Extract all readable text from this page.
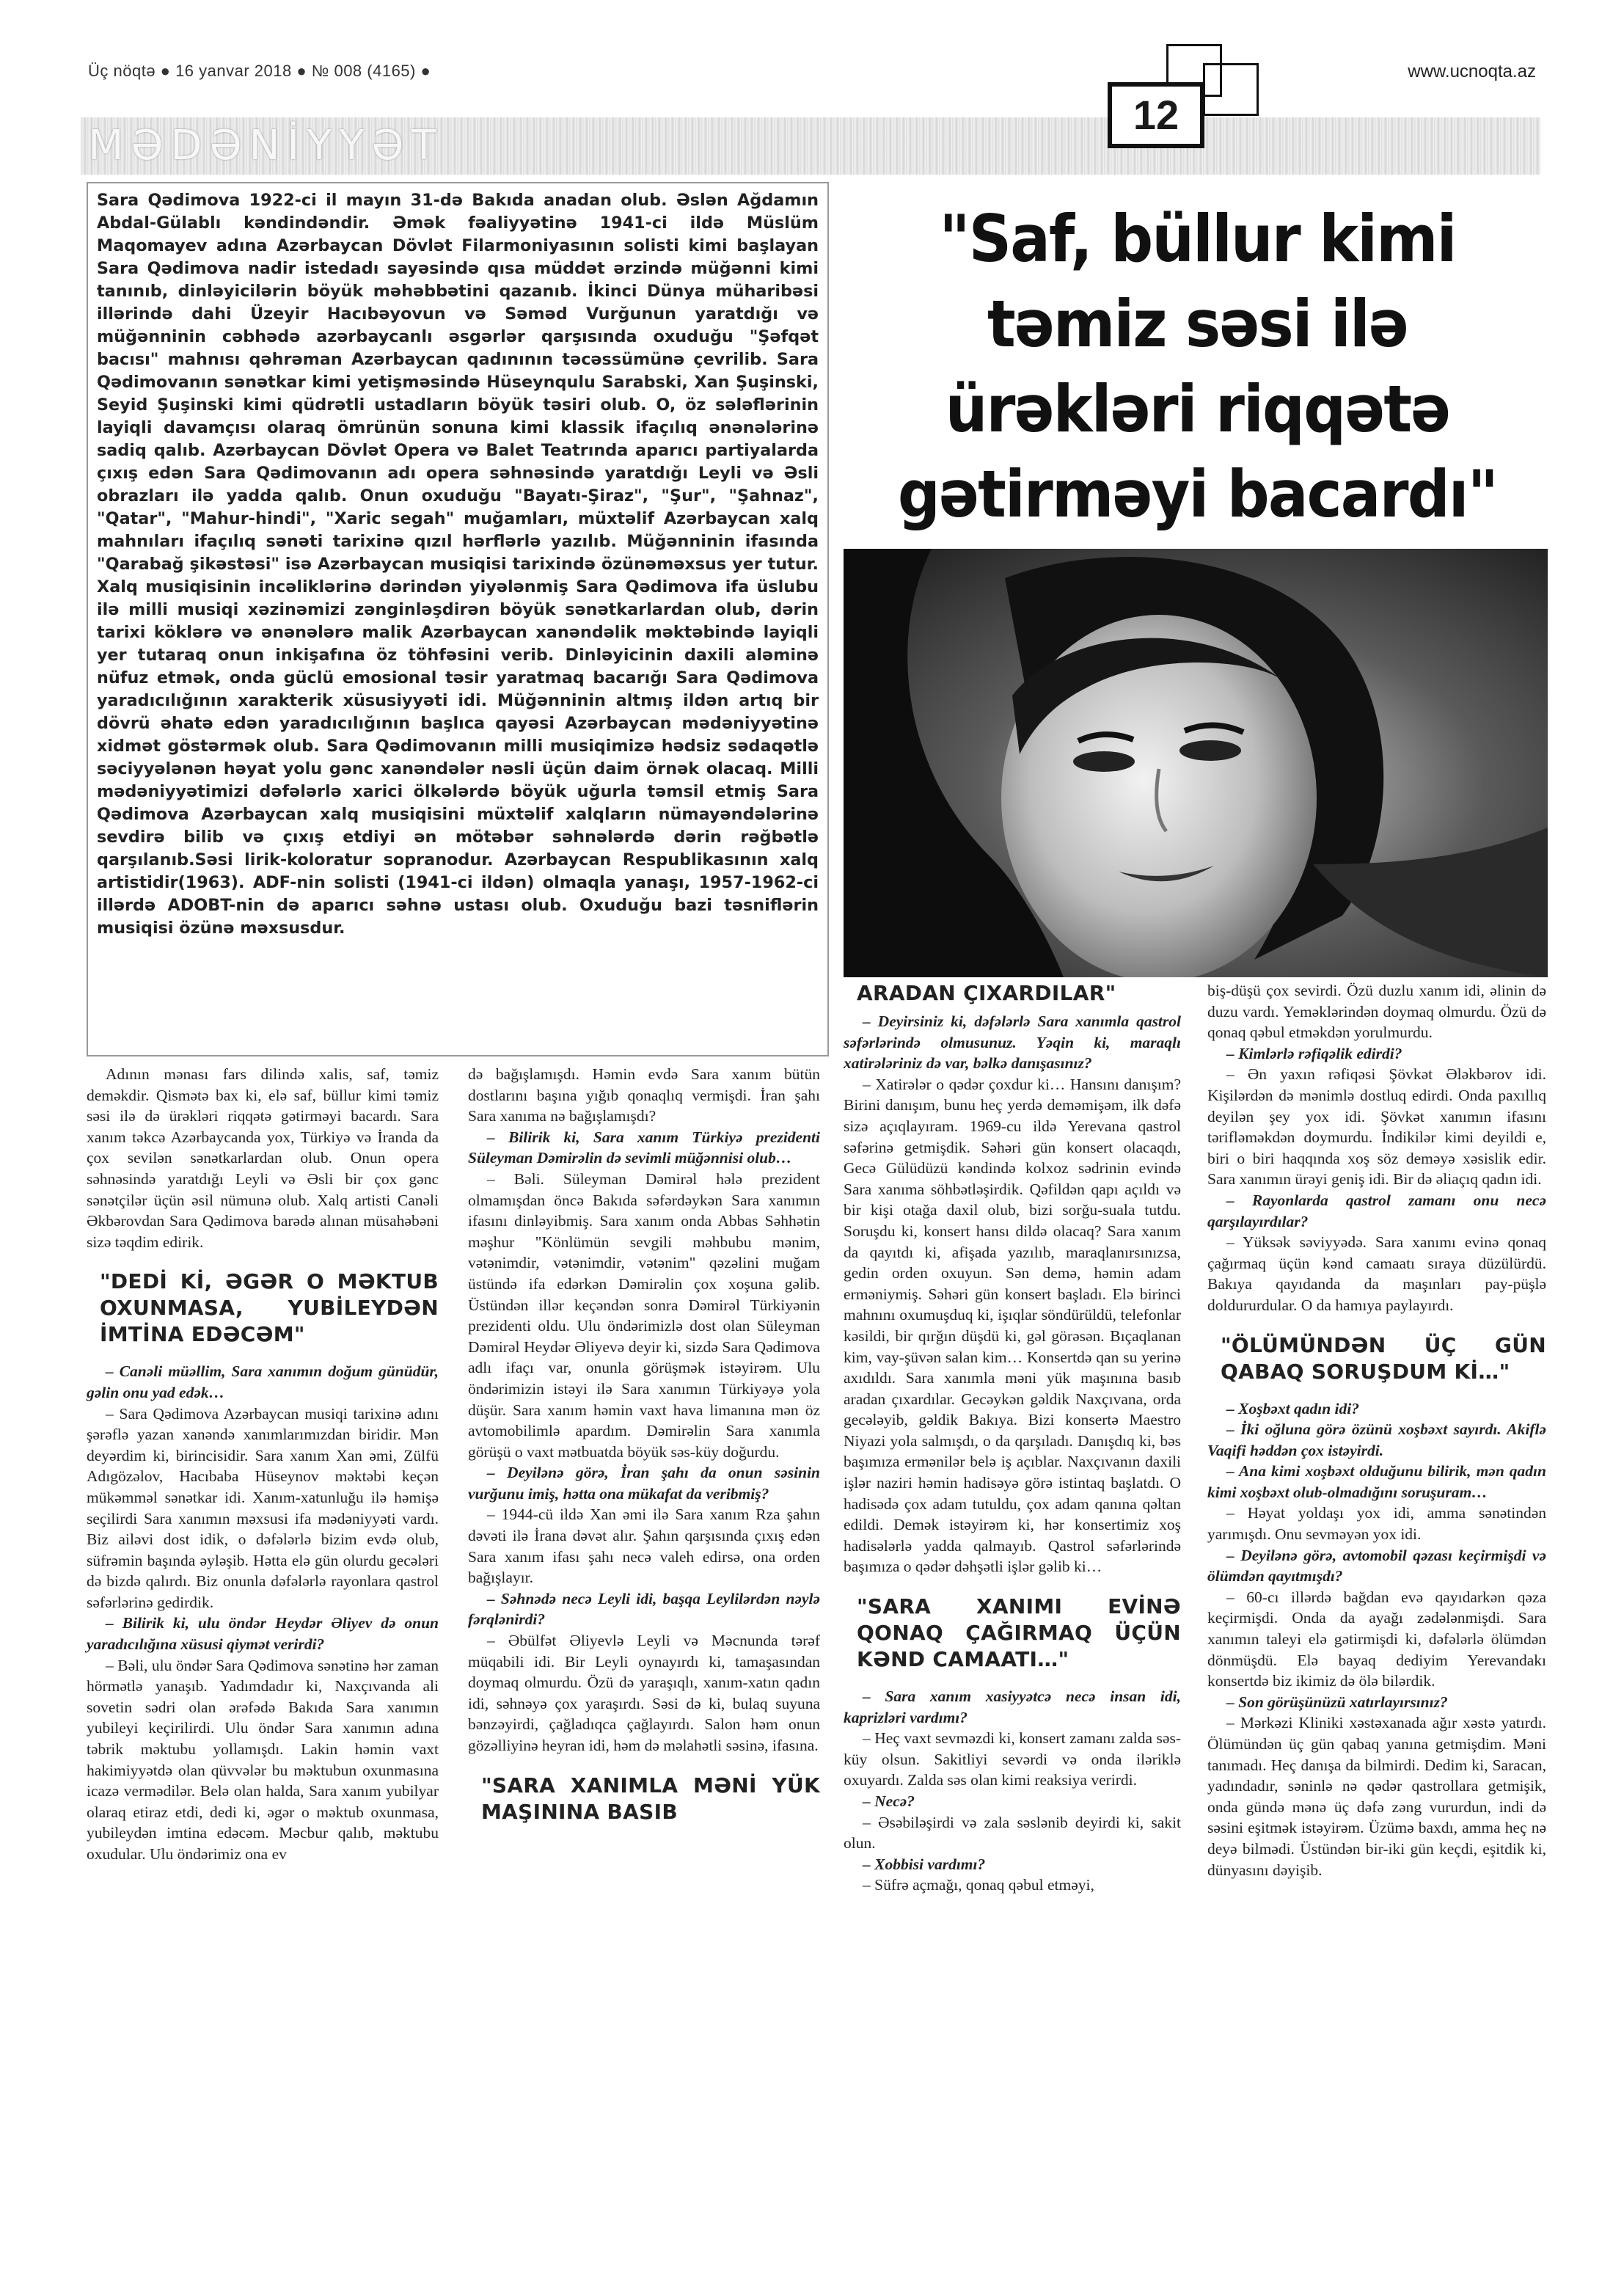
Üç nöqtə ● 16 yanvar 2018 ● № 008 (4165) ●	www.ucnoqta.az
MƏDƏNİYYƏT
12
Sara Qədimova 1922-ci il mayın 31-də Bakıda anadan olub. Əslən Ağdamın Abdal-Gülablı kəndindəndir. Əmək fəaliyyətinə 1941-ci ildə Müslüm Maqomayev adına Azərbaycan Dövlət Filarmoniyasının solisti kimi başlayan Sara Qədimova nadir istedadı sayəsində qısa müddət ərzində müğənni kimi tanınıb, dinləyicilərin böyük məhəbbətini qazanıb. İkinci Dünya müharibəsi illərində dahi Üzeyir Hacıbəyovun və Səməd Vurğunun yaratdığı və müğənninin cəbhədə azərbaycanlı əsgərlər qarşısında oxuduğu "Şəfqət bacısı" mahnısı qəhrəman Azərbaycan qadınının təcəssümünə çevrilib. Sara Qədimovanın sənətkar kimi yetişməsində Hüseynqulu Sarabski, Xan Şuşinski, Seyid Şuşinski kimi qüdrətli ustadların böyük təsiri olub. O, öz sələflərinin layiqli davamçısı olaraq ömrünün sonuna kimi klassik ifaçılıq ənənələrinə sadiq qalıb. Azərbaycan Dövlət Opera və Balet Teatrında aparıcı partiyalarda çıxış edən Sara Qədimovanın adı opera səhnəsində yaratdığı Leyli və Əsli obrazları ilə yadda qalıb. Onun oxuduğu "Bayatı-Şiraz", "Şur", "Şahnaz", "Qatar", "Mahur-hindi", "Xaric segah" muğamları, müxtəlif Azərbaycan xalq mahnıları ifaçılıq sənəti tarixinə qızıl hərflərlə yazılıb. Müğənninin ifasında "Qarabağ şikəstəsi" isə Azərbaycan musiqisi tarixində özünəməxsus yer tutur. Xalq musiqisinin incəliklərinə dərindən yiyələnmiş Sara Qədimova ifa üslubu ilə milli musiqi xəzinəmizi zənginləşdirən böyük sənətkarlardan olub, dərin tarixi köklərə və ənənələrə malik Azərbaycan xanəndəlik məktəbində layiqli yer tutaraq onun inkişafına öz töhfəsini verib. Dinləyicinin daxili aləminə nüfuz etmək, onda güclü emosional təsir yaratmaq bacarığı Sara Qədimova yaradıcılığının xarakterik xüsusiyyəti idi. Müğənninin altmış ildən artıq bir dövrü əhatə edən yaradıcılığının başlıca qayəsi Azərbaycan mədəniyyətinə xidmət göstərmək olub. Sara Qədimovanın milli musiqimizə hədsiz sədaqətlə səciyyələnən həyat yolu gənc xanəndələr nəsli üçün daim örnək olacaq. Milli mədəniyyətimizi dəfələrlə xarici ölkələrdə böyük uğurla təmsil etmiş Sara Qədimova Azərbaycan xalq musiqisini müxtəlif xalqların nümayəndələrinə sevdirə bilib və çıxış etdiyi ən mötəbər səhnələrdə dərin rəğbətlə qarşılanıb.Səsi lirik-koloratur sopranodur. Azərbaycan Respublikasının xalq artistidir(1963). ADF-nin solisti (1941-ci ildən) olmaqla yanaşı, 1957-1962-ci illərdə ADOBT-nin də aparıcı səhnə ustası olub. Oxuduğu bazi təsniflərin musiqisi özünə məxsusdur.
"Saf, büllur kimi təmiz səsi ilə ürəkləri riqqətə gətirməyi bacardı"

Adının mənası fars dilində xalis, saf, təmiz deməkdir. Qismətə bax ki, elə saf, büllur kimi təmiz səsi ilə də ürəkləri riqqətə gətirməyi bacardı. Sara xanım təkcə Azərbaycanda yox, Türkiyə və İranda da çox sevilən sənətkarlardan olub. Onun opera səhnəsində yaratdığı Leyli və Əsli bir çox gənc sənətçilər üçün əsil nümunə olub. Xalq artisti Canəli Əkbərovdan Sara Qədimova barədə alınan müsahəbəni sizə təqdim edirik.

"DEDİ Kİ, ƏGƏR O MƏKTUB OXUNMASA, YUBİLEYDƏN İMTİNA EDƏCƏM"

– Canəli müəllim, Sara xanımın doğum günüdür, gəlin onu yad edək…

– Sara Qədimova Azərbaycan musiqi tarixinə adını şərəflə yazan xanəndə xanımlarımızdan biridir. Mən deyərdim ki, birincisidir. Sara xanım Xan əmi, Zülfü Adıgözəlov, Hacıbaba Hüseynov məktəbi keçən mükəmməl sənətkar idi. Xanım-xatunluğu ilə həmişə seçilirdi Sara xanımın məxsusi ifa mədəniyyəti vardı. Biz ailəvi dost idik, o dəfələrlə bizim evdə olub, süfrəmin başında əyləşib. Hətta elə gün olurdu gecələri də bizdə qalırdı. Biz onunla dəfələrlə rayonlara qastrol səfərlərinə gedirdik.

– Bilirik ki, ulu öndər Heydər Əliyev də onun yaradıcılığına xüsusi qiymət verirdi?

– Bəli, ulu öndər Sara Qədimova sənətinə hər zaman hörmətlə yanaşıb. Yadımdadır ki, Naxçıvanda ali sovetin sədri olan ərəfədə Bakıda Sara xanımın yubileyi keçirilirdi. Ulu öndər Sara xanımın adına təbrik məktubu yollamışdı. Lakin həmin vaxt hakimiyyətdə olan qüvvələr bu məktubun oxunmasına icazə vermədilər. Belə olan halda, Sara xanım yubilyar olaraq etiraz etdi, dedi ki, əgər o məktub oxunmasa, yubileydən imtina edəcəm. Məcbur qalıb, məktubu oxudular. Ulu öndərimiz ona ev

də bağışlamışdı. Həmin evdə Sara xanım bütün dostlarını başına yığıb qonaqlıq vermişdi. İran şahı Sara xanıma nə bağışlamışdı?

– Bilirik ki, Sara xanım Türkiyə prezidenti Süleyman Dəmirəlin də sevimli müğənnisi olub…

– Bəli. Süleyman Dəmirəl hələ prezident olmamışdan öncə Bakıda səfərdəykən Sara xanımın ifasını dinləyibmiş. Sara xanım onda Abbas Səhhətin məşhur "Könlümün sevgili məhbubu mənim, vətənimdir, vətənimdir, vətənim" qəzəlini muğam üstündə ifa edərkən Dəmirəlin çox xoşuna gəlib. Üstündən illər keçəndən sonra Dəmirəl Türkiyənin prezidenti oldu. Ulu öndərimizlə dost olan Süleyman Dəmirəl Heydər Əliyevə deyir ki, sizdə Sara Qədimova adlı ifaçı var, onunla görüşmək istəyirəm. Ulu öndərimizin istəyi ilə Sara xanımın Türkiyəyə yola düşür. Sara xanım həmin vaxt hava limanına mən öz avtomobilimlə apardım. Dəmirəlin Sara xanımla görüşü o vaxt mətbuatda böyük səs-küy doğurdu.

– Deyilənə görə, İran şahı da onun səsinin vurğunu imiş, hətta ona mükafat da veribmiş?

– 1944-cü ildə Xan əmi ilə Sara xanım Rza şahın dəvəti ilə İrana dəvət alır. Şahın qarşısında çıxış edən Sara xanım ifası şahı necə valeh edirsə, ona orden bağışlayır.

– Səhnədə necə Leyli idi, başqa Leylilərdən nəylə fərqlənirdi?

– Əbülfət Əliyevlə Leyli və Məcnunda tərəf müqabili idi. Bir Leyli oynayırdı ki, tamaşasından doymaq olmurdu. Özü də yaraşıqlı, xanım-xatın qadın idi, səhnəyə çox yaraşırdı. Səsi də ki, bulaq suyuna bənzəyirdi, çağladıqca çağlayırdı. Salon həm onun gözəlliyinə heyran idi, həm də məlahətli səsinə, ifasına.

"SARA XANIMLA MƏNİ YÜK MAŞININA BASIB
ARADAN ÇIXARDILAR"

– Deyirsiniz ki, dəfələrlə Sara xanımla qastrol səfərlərində olmusunuz. Yəqin ki, maraqlı xatirələriniz də var, bəlkə danışasınız?

– Xatirələr o qədər çoxdur ki… Hansını danışım? Birini danışım, bunu heç yerdə deməmişəm, ilk dəfə sizə açıqlayıram. 1969-cu ildə Yerevana qastrol səfərinə getmişdik. Səhəri gün konsert olacaqdı, Gecə Gülüdüzü kəndində kolxoz sədrinin evində Sara xanıma söhbətləşirdik. Qəfildən qapı açıldı və bir kişi otağa daxil olub, bizi sorğu-suala tutdu. Soruşdu ki, konsert hansı dildə olacaq? Sara xanım da qayıtdı ki, afişada yazılıb, maraqlanırsınızsa, gedin orden oxuyun. Sən demə, həmin adam erməniymiş. Səhəri gün konsert başladı. Elə birinci mahnını oxumuşduq ki, işıqlar söndürüldü, telefonlar kəsildi, bir qırğın düşdü ki, gəl görəsən. Bıçaqlanan kim, vay-şüvən salan kim… Konsertdə qan su yerinə axıdıldı. Sara xanımla məni yük maşınına basıb aradan çıxardılar. Gecəykən gəldik Naxçıvana, orda gecələyib, gəldik Bakıya. Bizi konsertə Maestro Niyazi yola salmışdı, o da qarşıladı. Danışdıq ki, bəs başımıza ermənilər belə iş açıblar. Naxçıvanın daxili işlər naziri həmin hadisəyə görə istintaq başlatdı. O hadisədə çox adam tutuldu, çox adam qanına qəltan edildi. Demək istəyirəm ki, hər konsertimiz xoş hadisələrlə yadda qalmayıb. Qastrol səfərlərində başımıza o qədər dəhşətli işlər gəlib ki…

"SARA XANIMI EVİNƏ QONAQ ÇAĞIRMAQ ÜÇÜN KƏND CAMAATI…"

– Sara xanım xasiyyətcə necə insan idi, kaprizləri vardımı?

– Heç vaxt sevməzdi ki, konsert zamanı zalda səs-küy olsun. Sakitliyi sevərdi və onda iləriklə oxuyardı. Zalda səs olan kimi reaksiya verirdi.

– Necə?

– Əsəbiləşirdi və zala səslənib deyirdi ki, sakit olun.

– Xobbisi vardımı?

– Süfrə açmağı, qonaq qəbul etməyi,

biş-düşü çox sevirdi. Özü duzlu xanım idi, əlinin də duzu vardı. Yeməklərindən doymaq olmurdu. Özü də qonaq qəbul etməkdən yorulmurdu.

– Kimlərlə rəfiqəlik edirdi?

– Ən yaxın rəfiqəsi Şövkət Ələkbərov idi. Kişilərdən də mənimlə dostluq edirdi. Onda paxıllıq deyilən şey yox idi. Şövkət xanımın ifasını tərifləməkdən doymurdu. İndikilər kimi deyildi e, biri o biri haqqında xoş söz deməyə xəsislik edir. Sara xanımın ürəyi geniş idi. Bir də əliaçıq qadın idi.

– Rayonlarda qastrol zamanı onu necə qarşılayırdılar?

– Yüksək səviyyədə. Sara xanımı evinə qonaq çağırmaq üçün kənd camaatı sıraya düzülürdü. Bakıya qayıdanda da maşınları pay-püşlə doldururdular. O da hamıya paylayırdı.

"ÖLÜMÜNDƏN ÜÇ GÜN QABAQ SORUŞDUM Kİ…"

– Xoşbəxt qadın idi?

– İki oğluna görə özünü xoşbəxt sayırdı. Akiflə Vaqifi həddən çox istəyirdi.

– Ana kimi xoşbəxt olduğunu bilirik, mən qadın kimi xoşbəxt olub-olmadığını soruşuram…

– Həyat yoldaşı yox idi, amma sənətindən yarımışdı. Onu sevməyən yox idi.

– Deyilənə görə, avtomobil qəzası keçirmişdi və ölümdən qayıtmışdı?

– 60-cı illərdə bağdan evə qayıdarkən qəza keçirmişdi. Onda da ayağı zədələnmişdi. Sara xanımın taleyi elə gətirmişdi ki, dəfələrlə ölümdən dönmüşdü. Elə bayaq dediyim Yerevandakı konsertdə biz ikimiz də ölə bilərdik.

– Son görüşünüzü xatırlayırsınız?

– Mərkəzi Kliniki xəstəxanada ağır xəstə yatırdı. Ölümündən üç gün qabaq yanına getmişdim. Məni tanımadı. Heç danışa da bilmirdi. Dedim ki, Saracan, yadındadır, səninlə nə qədər qastrollara getmişik, onda gündə mənə üç dəfə zəng vururdun, indi də səsini eşitmək istəyirəm. Üzümə baxdı, amma heç nə deyə bilmədi. Üstündən bir-iki gün keçdi, eşitdik ki, dünyasını dəyişib.
